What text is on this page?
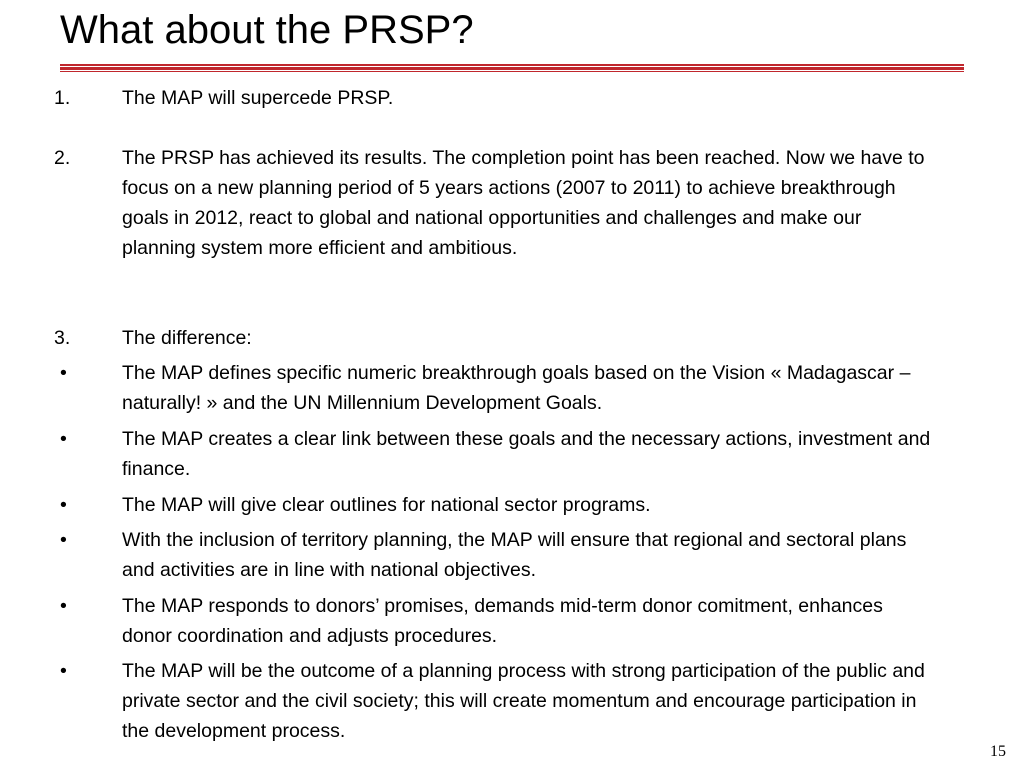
What about the PRSP?
1.	The MAP will supercede PRSP.
2.	The PRSP has achieved its results. The completion point has been reached. Now we have to focus on a new planning period of 5 years actions (2007 to 2011) to achieve breakthrough goals in 2012, react to global and national opportunities and challenges and make our planning system more efficient and ambitious.
3.	The difference:
•	The MAP defines specific numeric breakthrough goals based on the Vision « Madagascar – naturally! » and the UN Millennium Development Goals.
•	The MAP creates a clear link between these goals and the necessary actions, investment and finance.
•	The MAP will give clear outlines for national sector programs.
•	With the inclusion of territory planning, the MAP will ensure that regional and sectoral plans and activities are in line with national objectives.
•	The MAP responds to donors’ promises, demands mid-term donor comitment, enhances donor coordination and adjusts procedures.
•	The MAP will be the outcome of a planning process with strong participation of the public and private sector and the civil society; this will create momentum and encourage participation in the development process.
15
